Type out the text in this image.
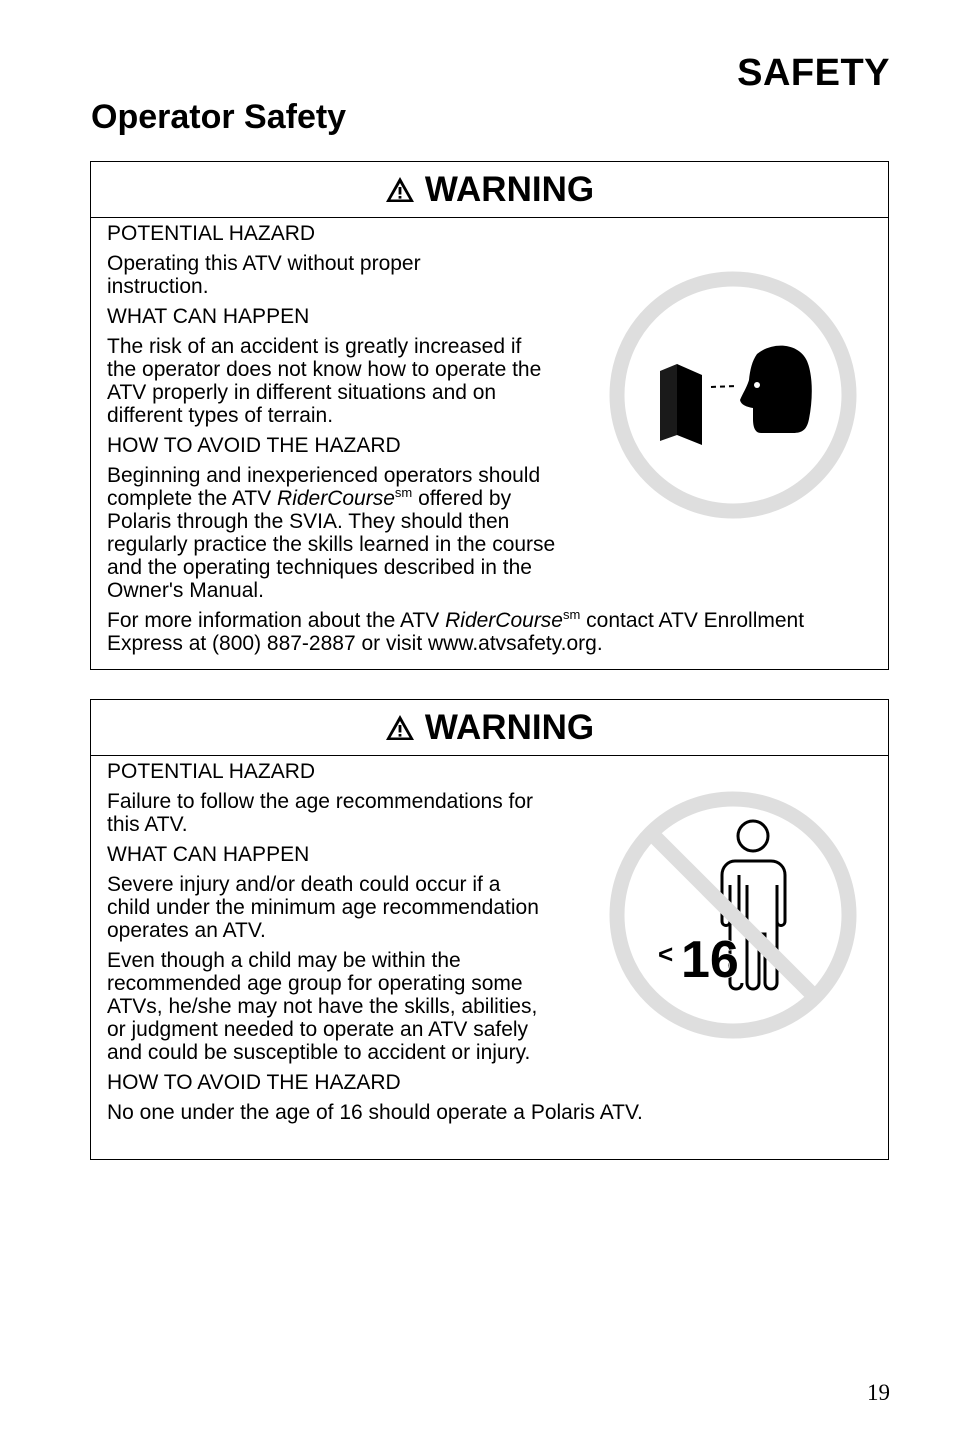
SAFETY
Operator Safety
WARNING

POTENTIAL HAZARD

Operating this ATV without proper instruction.

WHAT CAN HAPPEN

The risk of an accident is greatly increased if the operator does not know how to operate the ATV properly in different situations and on different types of terrain.

HOW TO AVOID THE HAZARD

Beginning and inexperienced operators should complete the ATV RiderCourse$^{sm}$ offered by Polaris through the SVIA. They should then regularly practice the skills learned in the course and the operating techniques described in the Owner's Manual.

For more information about the ATV RiderCourse$^{sm}$ contact ATV Enrollment Express at (800) 887-2887 or visit www.atvsafety.org.

WARNING

POTENTIAL HAZARD

Failure to follow the age recommendations for this ATV.

WHAT CAN HAPPEN

Severe injury and/or death could occur if a child under the minimum age recommendation operates an ATV.

Even though a child may be within the recommended age group for operating some ATVs, he/she may not have the skills, abilities, or judgment needed to operate an ATV safely and could be susceptible to accident or injury.

HOW TO AVOID THE HAZARD

No one under the age of 16 should operate a Polaris ATV.

< 16
19
